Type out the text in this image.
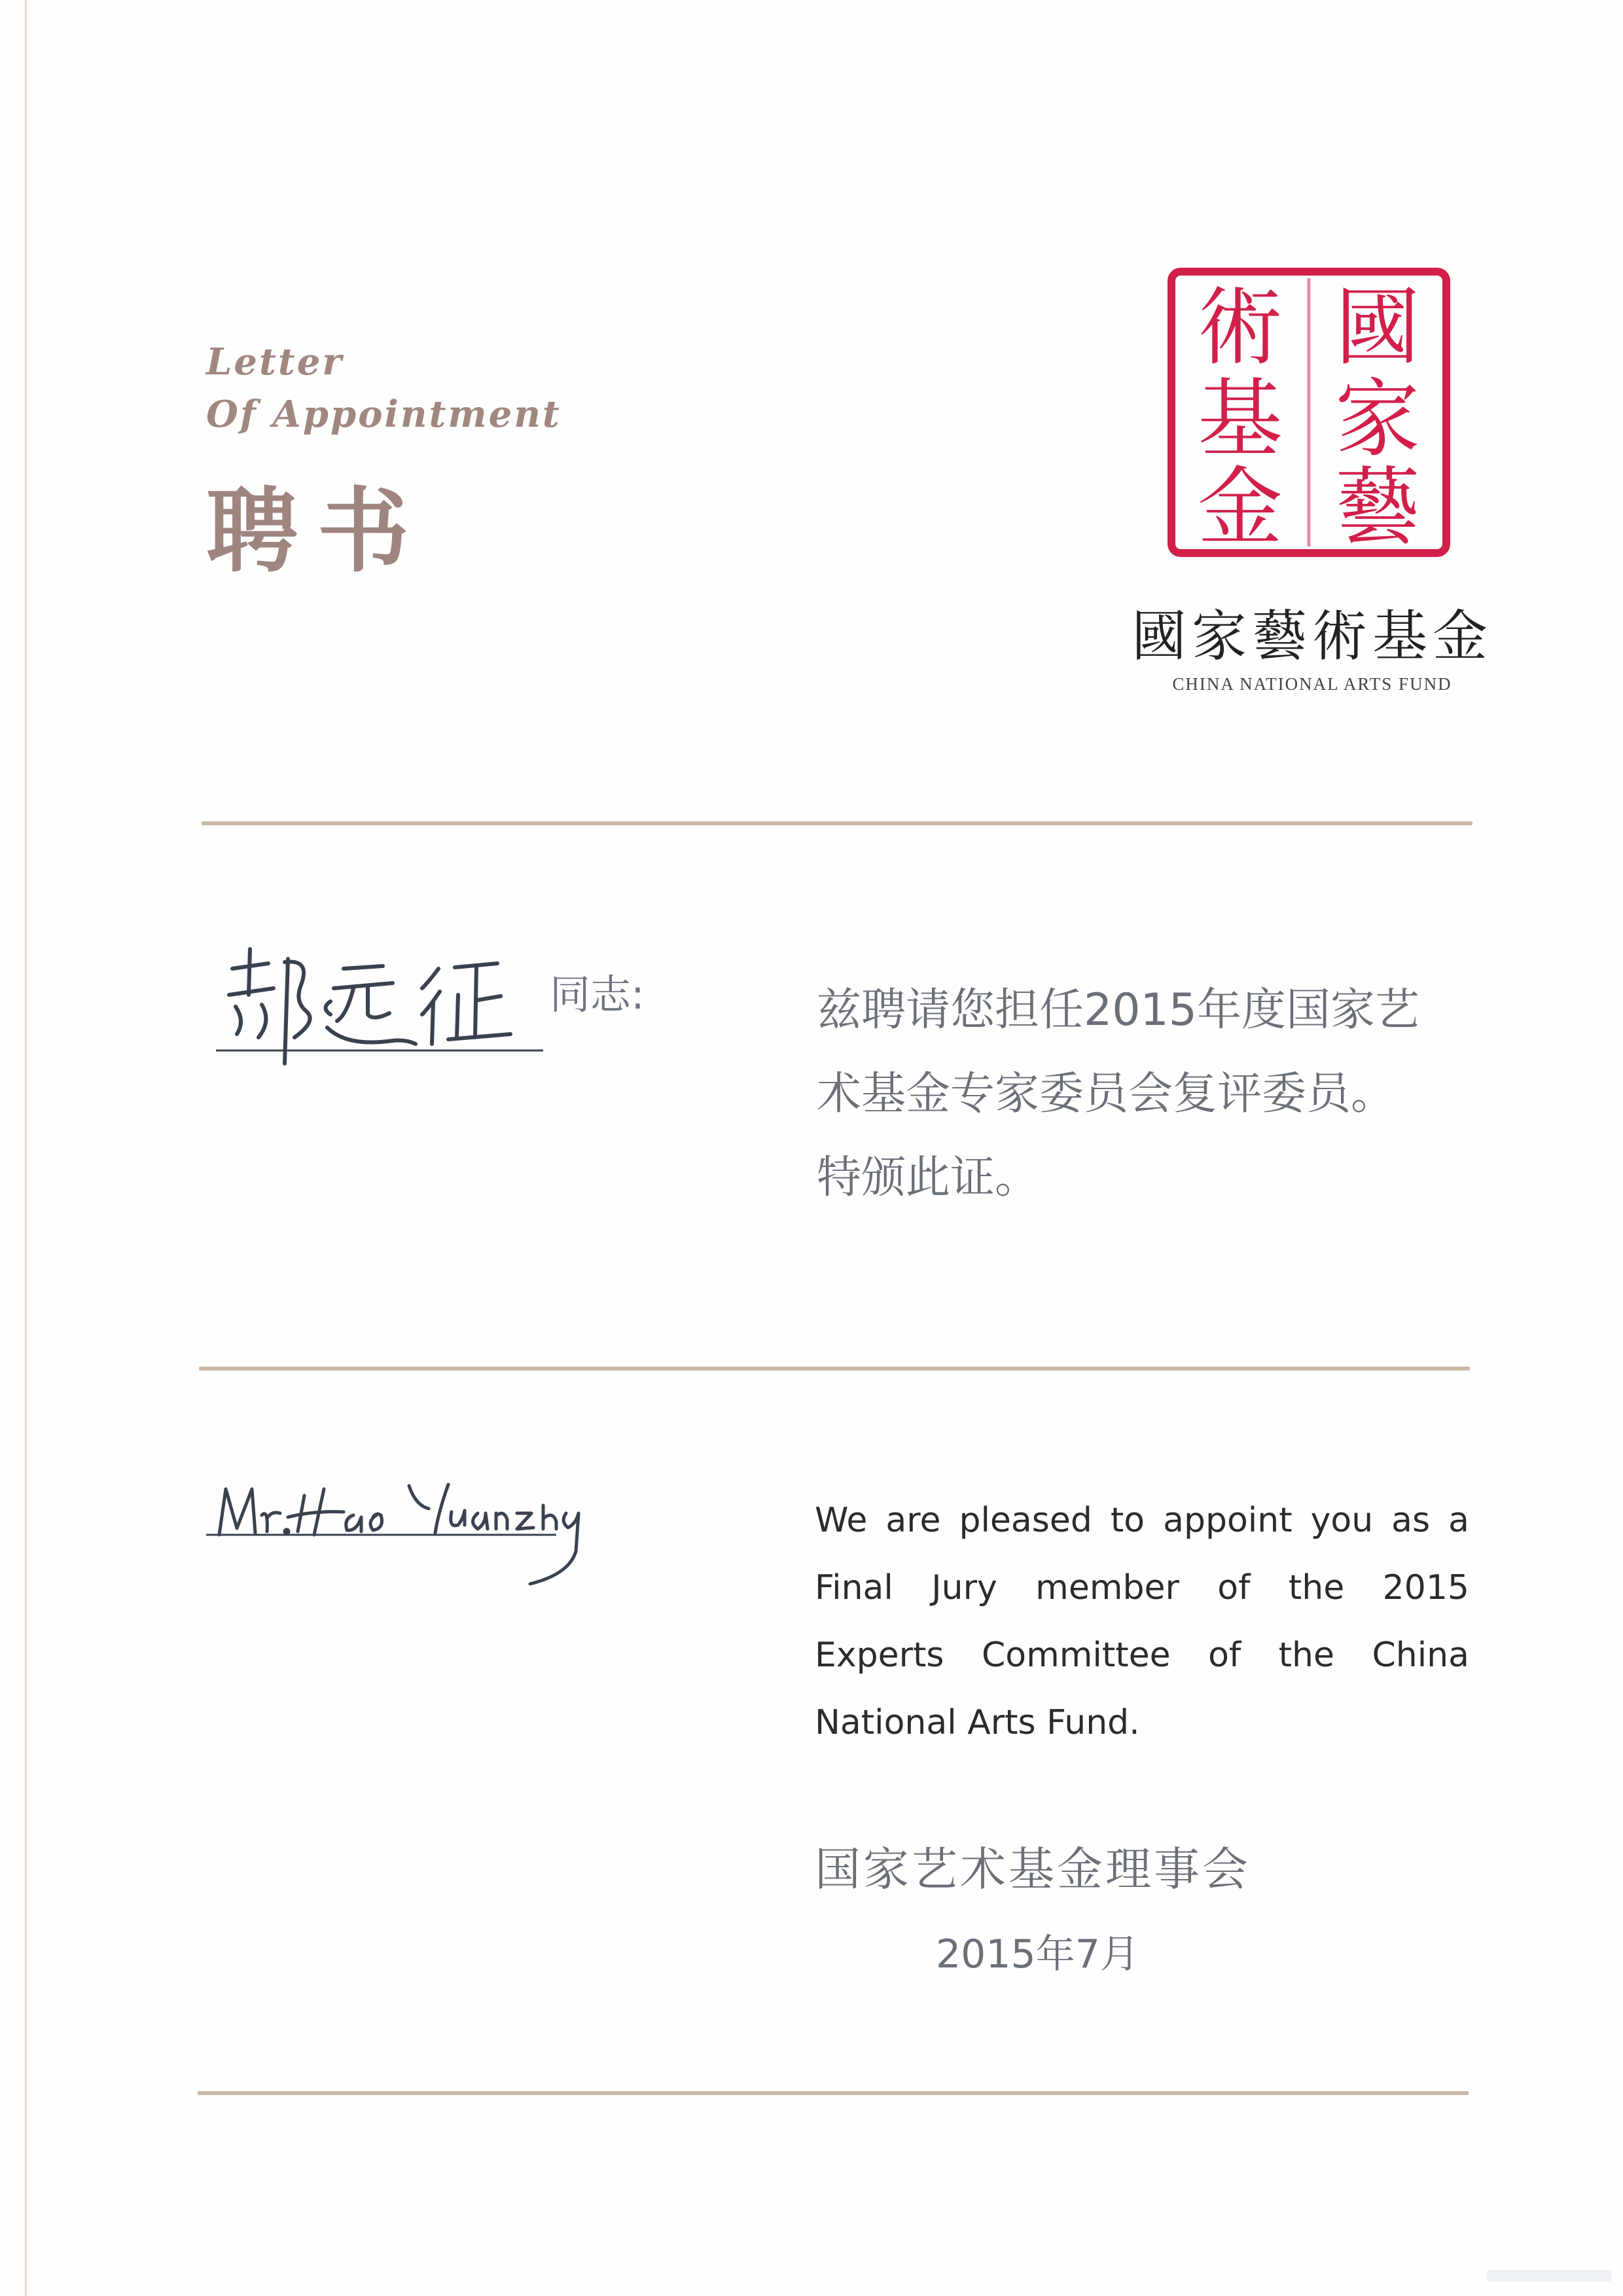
Letter
Of Appointment
聘书
國
家
藝
術
基
金
國家藝術基金
CHINA NATIONAL ARTS FUND
同志:	兹聘请您担任2015年度国家艺

术基金专家委员会复评委员。

特颁此证。

We are pleased to appoint you as a Final Jury member of the 2015 Experts Committee of the China National Arts Fund.
国家艺术基金理事会
2015年7月
